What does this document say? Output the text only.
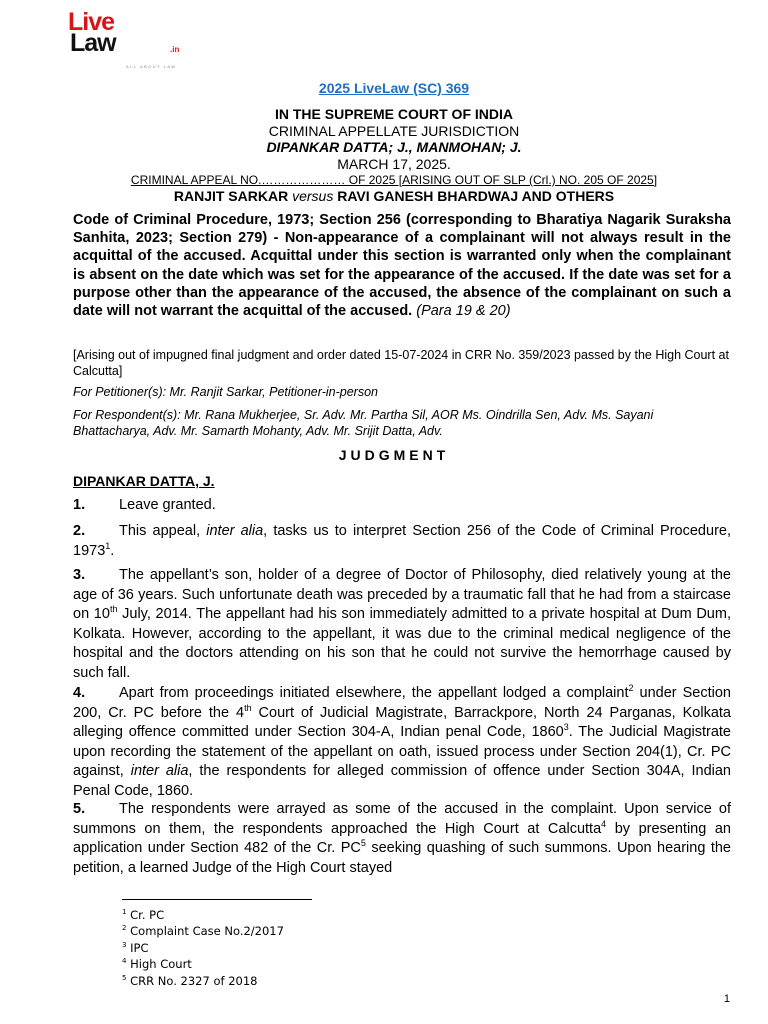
Live
Law	.in
ALL ABOUT LAW
2025 LiveLaw (SC) 369
IN THE SUPREME COURT OF INDIA
CRIMINAL APPELLATE JURISDICTION
DIPANKAR DATTA; J., MANMOHAN; J.
MARCH 17, 2025.
CRIMINAL APPEAL NO.………………… OF 2025 [ARISING OUT OF SLP (Crl.) NO. 205 OF 2025]
RANJIT SARKAR versus RAVI GANESH BHARDWAJ AND OTHERS
Code of Criminal Procedure, 1973; Section 256 (corresponding to Bharatiya Nagarik Suraksha Sanhita, 2023; Section 279) - Non-appearance of a complainant will not always result in the acquittal of the accused. Acquittal under this section is warranted only when the complainant is absent on the date which was set for the appearance of the accused. If the date was set for a purpose other than the appearance of the accused, the absence of the complainant on such a date will not warrant the acquittal of the accused. (Para 19 & 20)
[Arising out of impugned final judgment and order dated 15-07-2024 in CRR No. 359/2023 passed by the High Court at Calcutta]
For Petitioner(s): Mr. Ranjit Sarkar, Petitioner-in-person
For Respondent(s): Mr. Rana Mukherjee, Sr. Adv. Mr. Partha Sil, AOR Ms. Oindrilla Sen, Adv. Ms. Sayani Bhattacharya, Adv. Mr. Samarth Mohanty, Adv. Mr. Srijit Datta, Adv.
JUDGMENT
DIPANKAR DATTA, J.
1. Leave granted.
2. This appeal, inter alia, tasks us to interpret Section 256 of the Code of Criminal Procedure, 1973$^1$.
3. The appellant’s son, holder of a degree of Doctor of Philosophy, died relatively young at the age of 36 years. Such unfortunate death was preceded by a traumatic fall that he had from a staircase on 10th July, 2014. The appellant had his son immediately admitted to a private hospital at Dum Dum, Kolkata. However, according to the appellant, it was due to the criminal medical negligence of the hospital and the doctors attending on his son that he could not survive the hemorrhage caused by such fall.
4. Apart from proceedings initiated elsewhere, the appellant lodged a complaint$^2$ under Section 200, Cr. PC before the 4th Court of Judicial Magistrate, Barrackpore, North 24 Parganas, Kolkata alleging offence committed under Section 304-A, Indian penal Code, 1860$^3$. The Judicial Magistrate upon recording the statement of the appellant on oath, issued process under Section 204(1), Cr. PC against, inter alia, the respondents for alleged commission of offence under Section 304A, Indian Penal Code, 1860.
5. The respondents were arrayed as some of the accused in the complaint. Upon service of summons on them, the respondents approached the High Court at Calcutta$^4$ by presenting an application under Section 482 of the Cr. $PC^5$ seeking quashing of such summons. Upon hearing the petition, a learned Judge of the High Court stayed
$^1$ Cr. PC
$^2$ Complaint Case No.2/2017
$^3$ IPC
$^4$ High Court
$^5$ CRR No. 2327 of 2018
1
